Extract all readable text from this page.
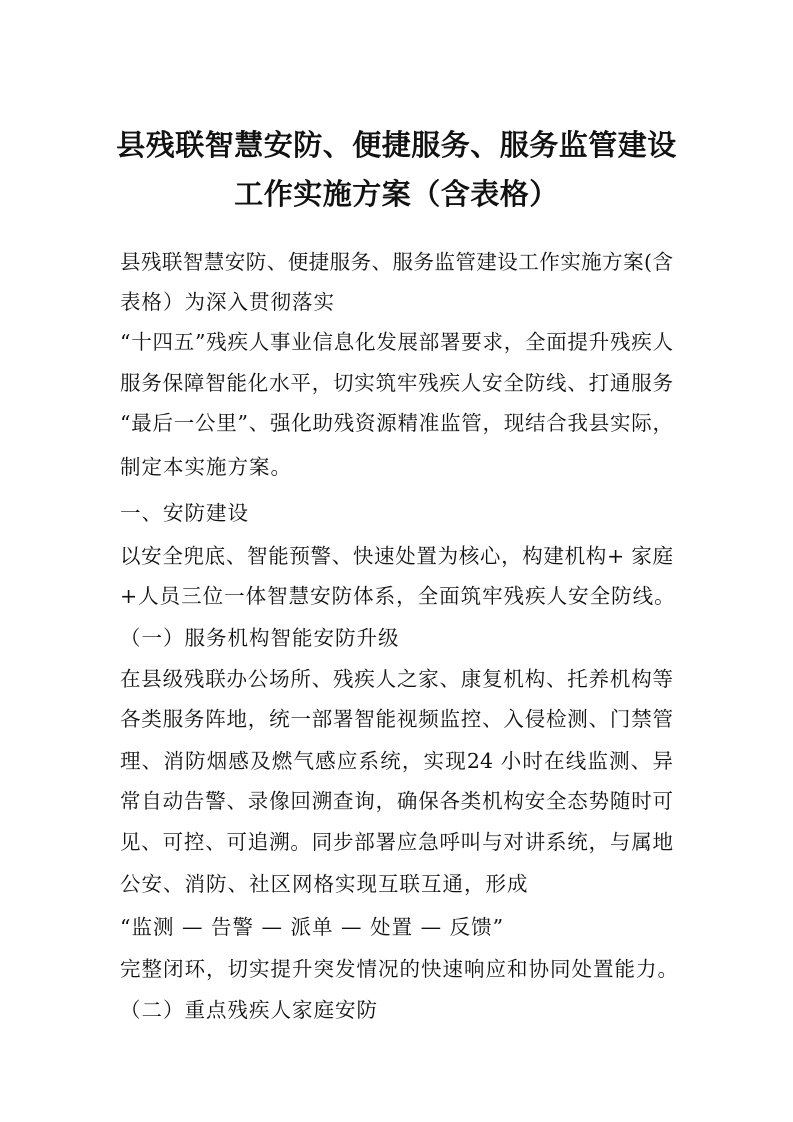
县残联智慧安防、便捷服务、服务监管建设
工作实施方案（含表格）
县残联智慧安防、便捷服务、服务监管建设工作实施方案(含
表格）为深入贯彻落实
“十四五”残疾人事业信息化发展部署要求，全面提升残疾人
服务保障智能化水平，切实筑牢残疾人安全防线、打通服务
“最后一公里”、强化助残资源精准监管，现结合我县实际，
制定本实施方案。
一、安防建设
以安全兜底、智能预警、快速处置为核心，构建机构+ 家庭
+人员三位一体智慧安防体系，全面筑牢残疾人安全防线。
（一）服务机构智能安防升级
在县级残联办公场所、残疾人之家、康复机构、托养机构等
各类服务阵地，统一部署智能视频监控、入侵检测、门禁管
理、消防烟感及燃气感应系统，实现24 小时在线监测、异
常自动告警、录像回溯查询，确保各类机构安全态势随时可
见、可控、可追溯。同步部署应急呼叫与对讲系统，与属地
公安、消防、社区网格实现互联互通，形成
“监测 — 告警 — 派单 — 处置 — 反馈”
完整闭环，切实提升突发情况的快速响应和协同处置能力。
（二）重点残疾人家庭安防
